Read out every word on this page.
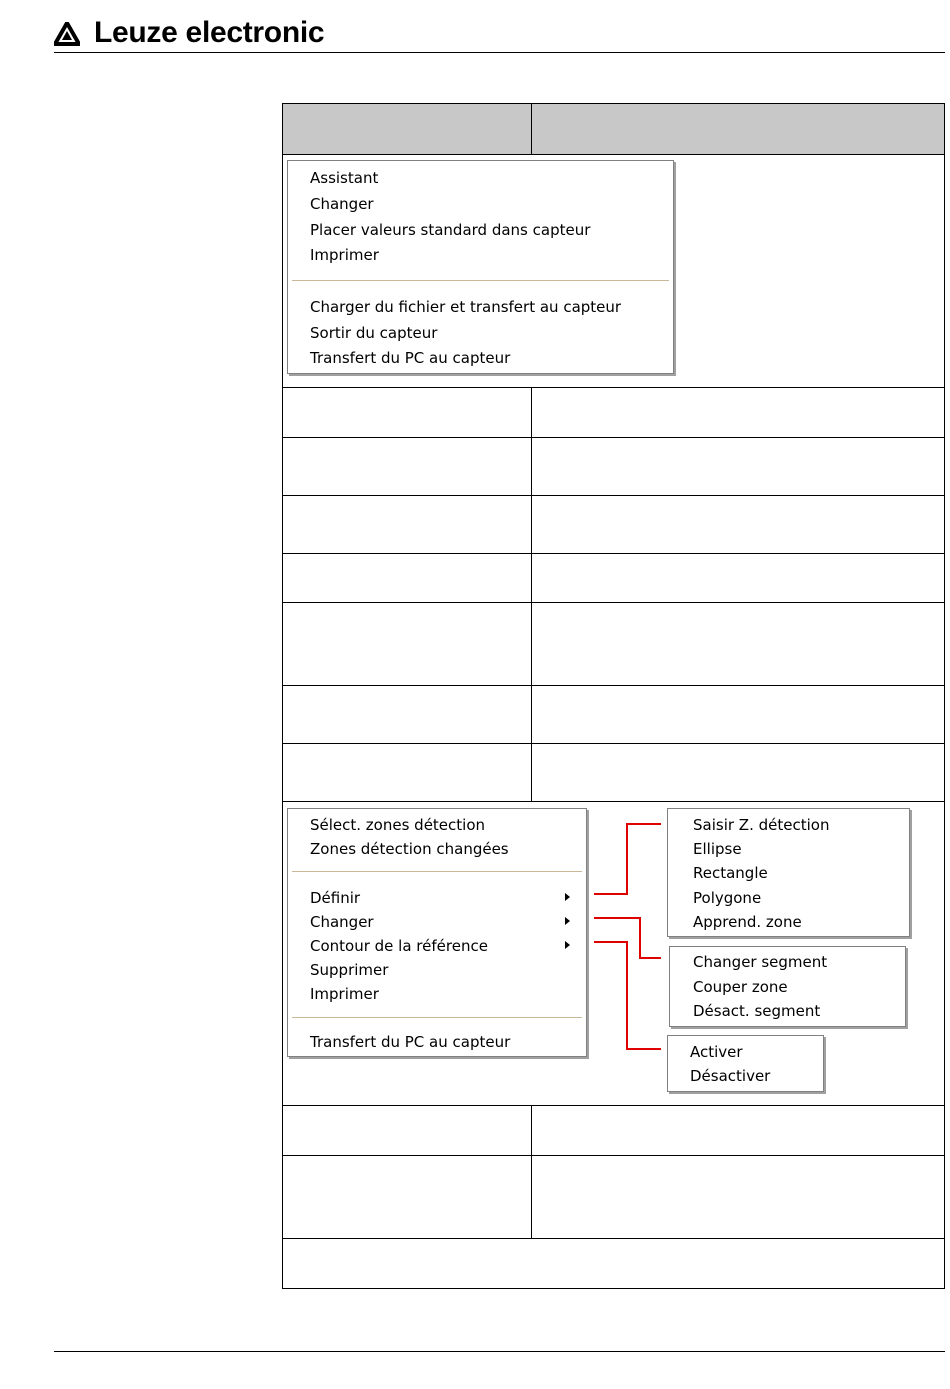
Leuze electronic
Assistant
Changer
Placer valeurs standard dans capteur
Imprimer
Charger du fichier et transfert au capteur
Sortir du capteur
Transfert du PC au capteur
Sélect. zones détection
Zones détection changées
Définir
Changer
Contour de la référence
Supprimer
Imprimer
Transfert du PC au capteur
Saisir Z. détection
Ellipse
Rectangle
Polygone
Apprend. zone
Changer segment
Couper zone
Désact. segment
Activer
Désactiver
